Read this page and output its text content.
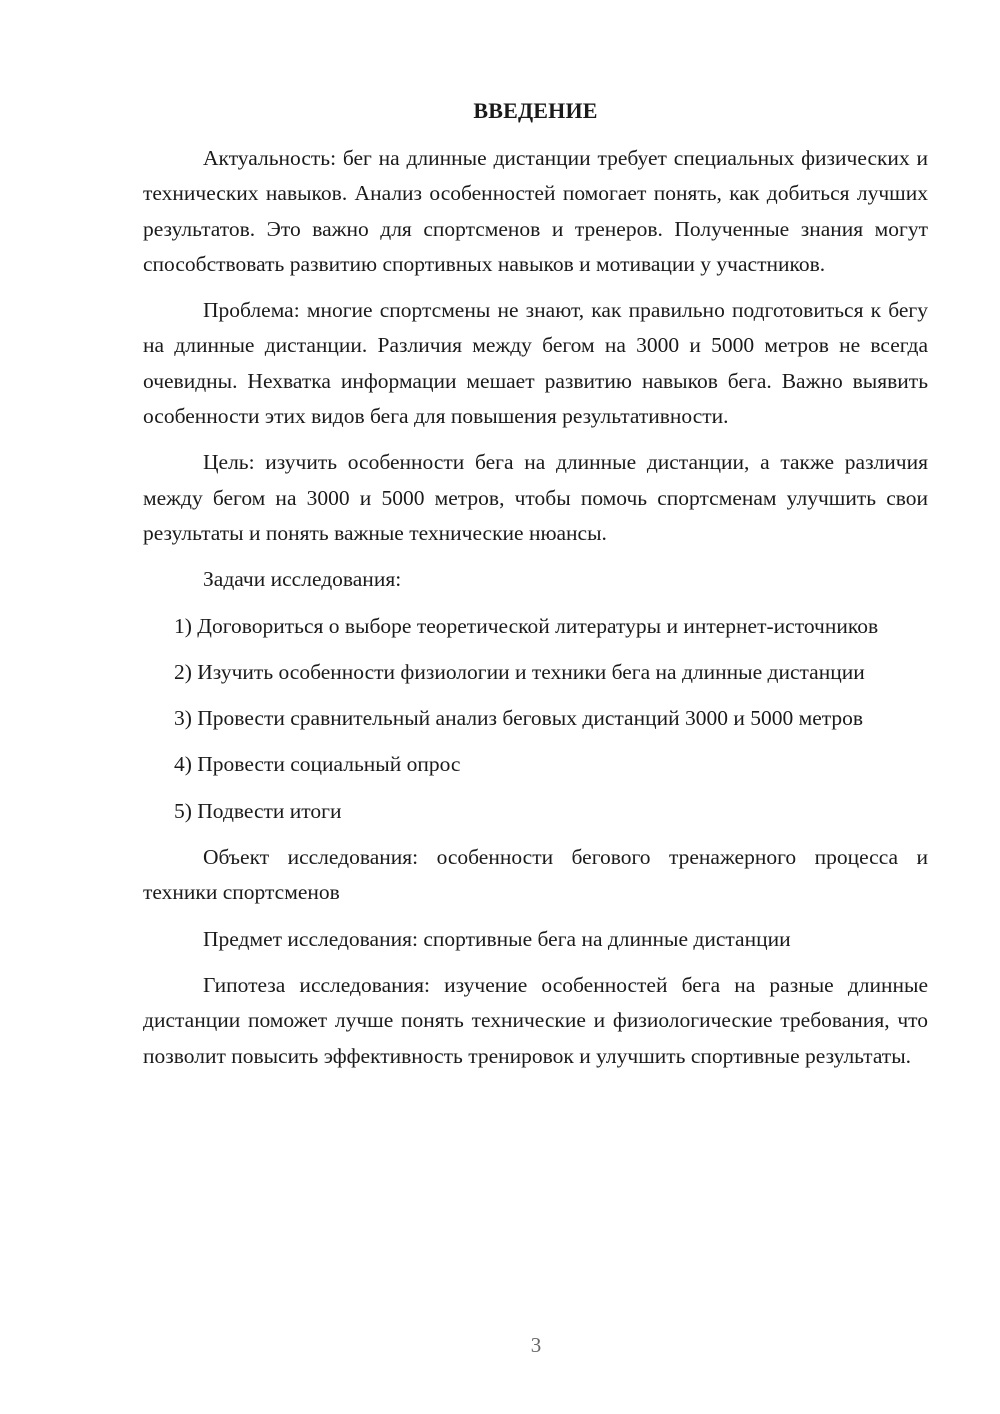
ВВЕДЕНИЕ

Актуальность: бег на длинные дистанции требует специальных физических и технических навыков. Анализ особенностей помогает понять, как добиться лучших результатов. Это важно для спортсменов и тренеров. Полученные знания могут способствовать развитию спортивных навыков и мотивации у участников.

Проблема: многие спортсмены не знают, как правильно подготовиться к бегу на длинные дистанции. Различия между бегом на 3000 и 5000 метров не всегда очевидны. Нехватка информации мешает развитию навыков бега. Важно выявить особенности этих видов бега для повышения результативности.

Цель: изучить особенности бега на длинные дистанции, а также различия между бегом на 3000 и 5000 метров, чтобы помочь спортсменам улучшить свои результаты и понять важные технические нюансы.

Задачи исследования:

1) Договориться о выборе теоретической литературы и интернет-источников

2) Изучить особенности физиологии и техники бега на длинные дистанции

3) Провести сравнительный анализ беговых дистанций 3000 и 5000 метров

4) Провести социальный опрос

5) Подвести итоги

Объект исследования: особенности бегового тренажерного процесса и техники спортсменов

Предмет исследования: спортивные бега на длинные дистанции

Гипотеза исследования: изучение особенностей бега на разные длинные дистанции поможет лучше понять технические и физиологические требования, что позволит повысить эффективность тренировок и улучшить спортивные результаты.

3
